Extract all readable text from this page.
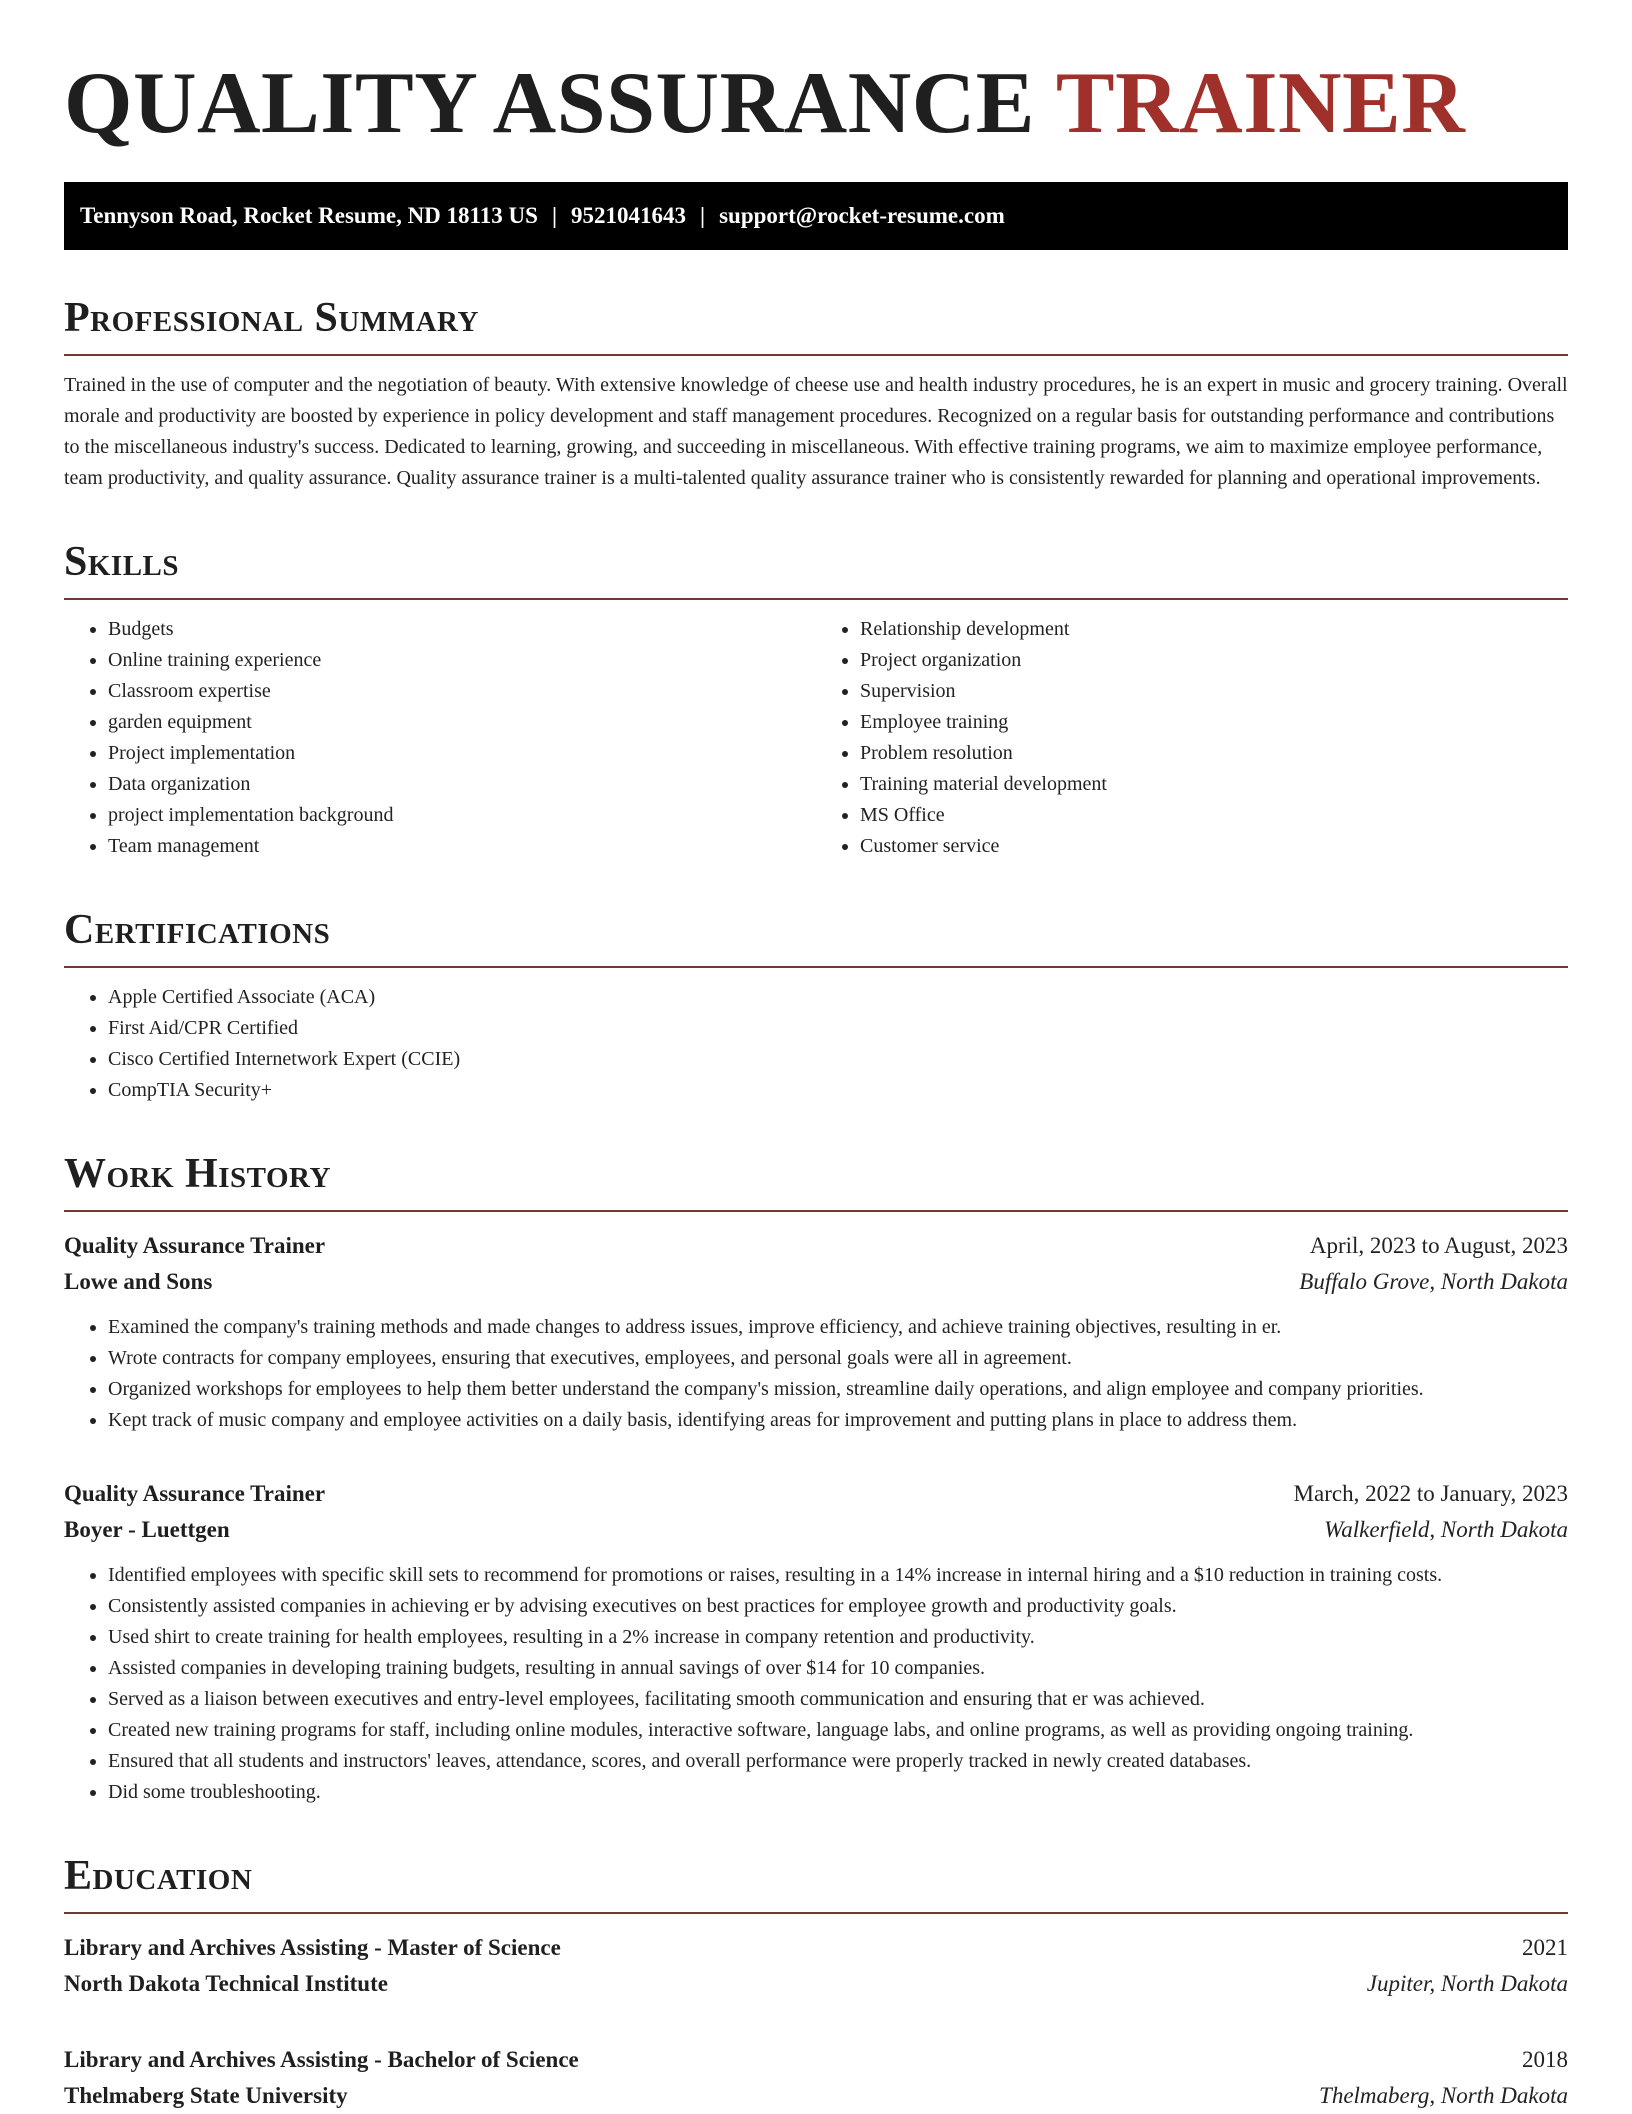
QUALITY ASSURANCE TRAINER
Tennyson Road, Rocket Resume, ND 18113 US | 9521041643 | support@rocket-resume.com
Professional Summary

Trained in the use of computer and the negotiation of beauty. With extensive knowledge of cheese use and health industry procedures, he is an expert in music and grocery training. Overall morale and productivity are boosted by experience in policy development and staff management procedures. Recognized on a regular basis for outstanding performance and contributions to the miscellaneous industry's success. Dedicated to learning, growing, and succeeding in miscellaneous. With effective training programs, we aim to maximize employee performance, team productivity, and quality assurance. Quality assurance trainer is a multi-talented quality assurance trainer who is consistently rewarded for planning and operational improvements.

Skills
• Budgets
• Online training experience
• Classroom expertise
• garden equipment
• Project implementation
• Data organization
• project implementation background
• Team management
• Relationship development
• Project organization
• Supervision
• Employee training
• Problem resolution
• Training material development
• MS Office
• Customer service
Certifications
• Apple Certified Associate (ACA)
• First Aid/CPR Certified
• Cisco Certified Internetwork Expert (CCIE)
• CompTIA Security+
Work History
Quality Assurance Trainer	April, 2023 to August, 2023
Lowe and Sons	Buffalo Grove, North Dakota
• Examined the company's training methods and made changes to address issues, improve efficiency, and achieve training objectives, resulting in er.
• Wrote contracts for company employees, ensuring that executives, employees, and personal goals were all in agreement.
• Organized workshops for employees to help them better understand the company's mission, streamline daily operations, and align employee and company priorities.
• Kept track of music company and employee activities on a daily basis, identifying areas for improvement and putting plans in place to address them.
Quality Assurance Trainer	March, 2022 to January, 2023
Boyer - Luettgen	Walkerfield, North Dakota
• Identified employees with specific skill sets to recommend for promotions or raises, resulting in a 14% increase in internal hiring and a $10 reduction in training costs.
• Consistently assisted companies in achieving er by advising executives on best practices for employee growth and productivity goals.
• Used shirt to create training for health employees, resulting in a 2% increase in company retention and productivity.
• Assisted companies in developing training budgets, resulting in annual savings of over $14 for 10 companies.
• Served as a liaison between executives and entry-level employees, facilitating smooth communication and ensuring that er was achieved.
• Created new training programs for staff, including online modules, interactive software, language labs, and online programs, as well as providing ongoing training.
• Ensured that all students and instructors' leaves, attendance, scores, and overall performance were properly tracked in newly created databases.
• Did some troubleshooting.
Education
Library and Archives Assisting - Master of Science	2021
North Dakota Technical Institute	Jupiter, North Dakota
Library and Archives Assisting - Bachelor of Science	2018
Thelmaberg State University	Thelmaberg, North Dakota
